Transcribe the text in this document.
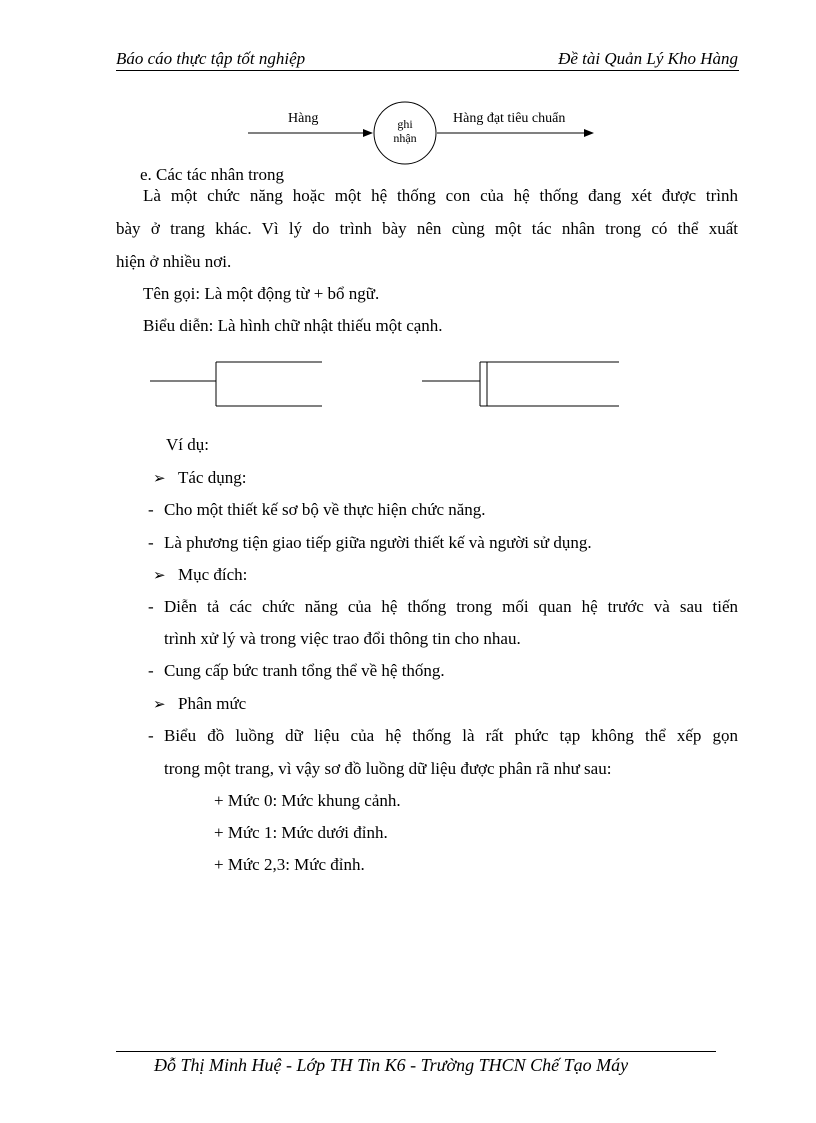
Báo cáo thực tập tốt nghiệp	Đề tài Quản Lý Kho Hàng
Hàng	ghi
nhận
Hàng đạt tiêu chuẩn
e. Các tác nhân trong
Là một chức năng hoặc một hệ thống con của hệ thống đang xét được trình
bày ở trang khác. Vì lý do trình bày nên cùng một tác nhân trong có thể xuất
hiện ở nhiều nơi.
Tên gọi: Là một động từ + bổ ngữ.
Biểu diễn: Là hình chữ nhật thiếu một cạnh.
Ví dụ:
➢ Tác dụng:
- Cho một thiết kế sơ bộ về thực hiện chức năng.
- Là phương tiện giao tiếp giữa người thiết kế và người sử dụng.
➢ Mục đích:
- Diễn tả các chức năng của hệ thống trong mối quan hệ trước và sau tiến
trình xử lý và trong việc trao đổi thông tin cho nhau.
- Cung cấp bức tranh tổng thể về hệ thống.
➢ Phân mức
- Biểu đồ luồng dữ liệu của hệ thống là rất phức tạp không thể xếp gọn
trong một trang, vì vậy sơ đồ luồng dữ liệu được phân rã như sau:
+ Mức 0: Mức khung cảnh.
+ Mức 1: Mức dưới đỉnh.
+ Mức 2,3: Mức đỉnh.
Đỗ Thị Minh Huệ - Lớp TH Tin K6 - Trường THCN Chế Tạo Máy
